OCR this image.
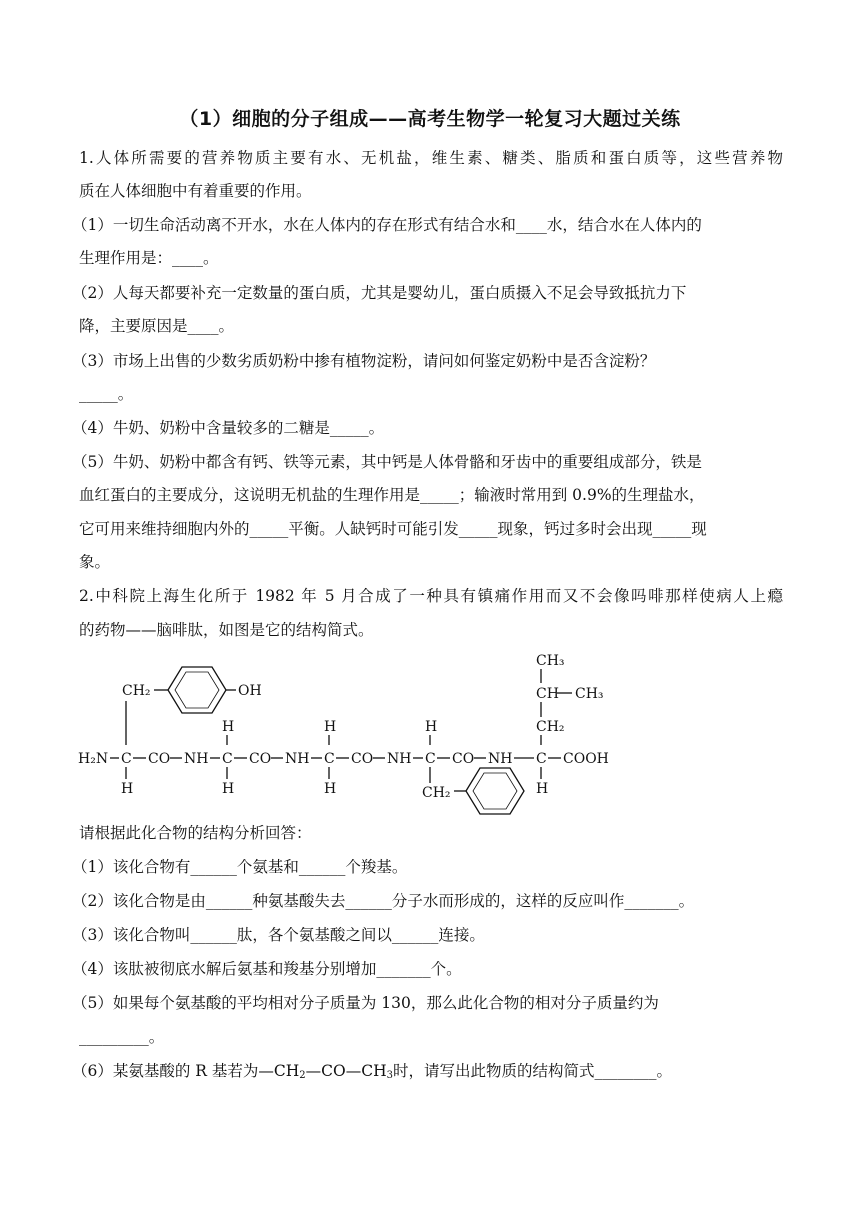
（1）细胞的分子组成——高考生物学一轮复习大题过关练
1.人体所需要的营养物质主要有水、无机盐，维生素、糖类、脂质和蛋白质等，这些营养物
质在人体细胞中有着重要的作用。
（1）一切生命活动离不开水，水在人体内的存在形式有结合水和____水，结合水在人体内的
生理作用是：____。
（2）人每天都要补充一定数量的蛋白质，尤其是婴幼儿，蛋白质摄入不足会导致抵抗力下
降，主要原因是____。
（3）市场上出售的少数劣质奶粉中掺有植物淀粉，请问如何鉴定奶粉中是否含淀粉？
_____。
（4）牛奶、奶粉中含量较多的二糖是_____。
（5）牛奶、奶粉中都含有钙、铁等元素，其中钙是人体骨骼和牙齿中的重要组成部分，铁是
血红蛋白的主要成分，这说明无机盐的生理作用是_____；输液时常用到 0.9%的生理盐水，
它可用来维持细胞内外的_____平衡。人缺钙时可能引发_____现象，钙过多时会出现_____现
象。
2.中科院上海生化所于 1982 年 5 月合成了一种具有镇痛作用而又不会像吗啡那样使病人上瘾
的药物——脑啡肽，如图是它的结构简式。
CH₂	OH
H	H	H
CH₃
CH CH₃
CH₂
H₂N C CO NH C CO NH C CO NH C CO NH C COOH
H	H	H	H
CH₂
请根据此化合物的结构分析回答：
（1）该化合物有______个氨基和______个羧基。
（2）该化合物是由______种氨基酸失去______分子水而形成的，这样的反应叫作_______。
（3）该化合物叫______肽，各个氨基酸之间以______连接。
（4）该肽被彻底水解后氨基和羧基分别增加_______个。
（5）如果每个氨基酸的平均相对分子质量为 130，那么此化合物的相对分子质量约为
_________。
（6）某氨基酸的 R 基若为$—CH_2—CO—CH_3$时，请写出此物质的结构简式________。
